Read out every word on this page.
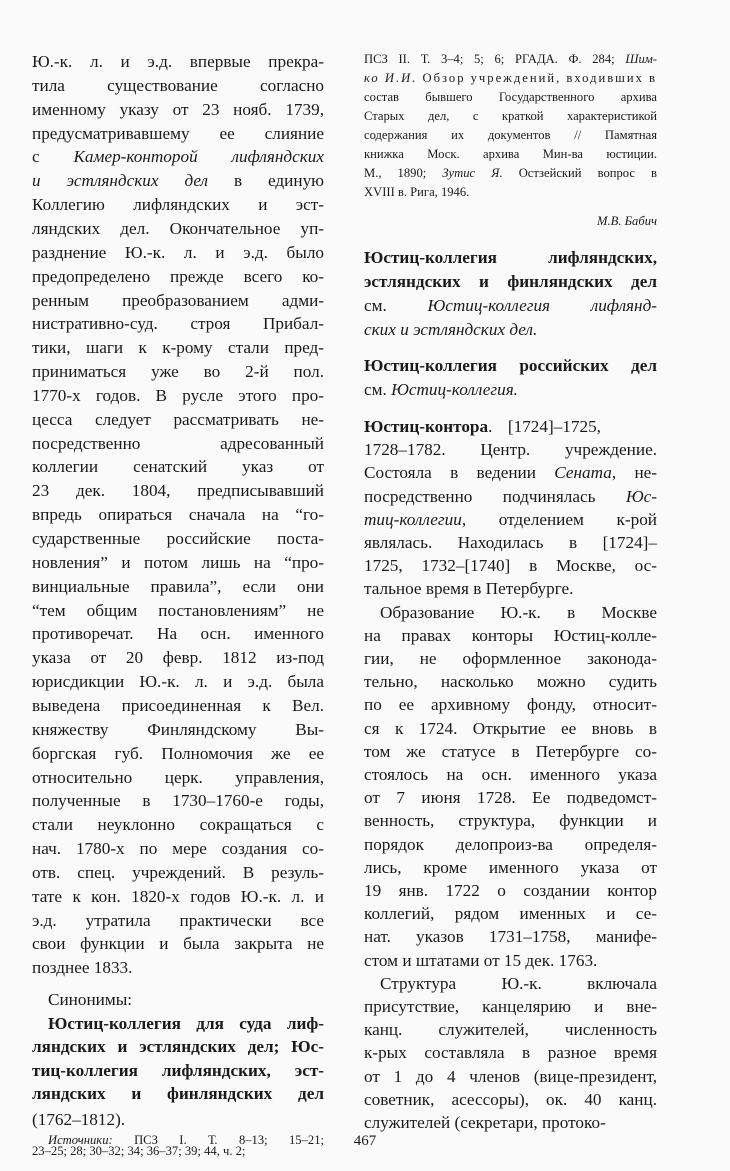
Ю.-к. л. и э.д. впервые прекра-
тила существование согласно
именному указу от 23 нояб. 1739,
предусматривавшему ее слияние
с Камер-конторой лифляндских
и эстляндских дел в единую
Коллегию лифляндских и эст-
ляндских дел. Окончательное уп-
разднение Ю.-к. л. и э.д. было
предопределено прежде всего ко-
ренным преобразованием адми-
нистративно-суд. строя Прибал-
тики, шаги к к-рому стали пред-
приниматься уже во 2-й пол.
1770-х годов. В русле этого про-
цесса следует рассматривать не-
посредственно адресованный
коллегии сенатский указ от
23 дек. 1804, предписывавший
впредь опираться сначала на “го-
сударственные российские поста-
новления” и потом лишь на “про-
винциальные правила”, если они
“тем общим постановлениям” не
противоречат. На осн. именного
указа от 20 февр. 1812 из-под
юрисдикции Ю.-к. л. и э.д. была
выведена присоединенная к Вел.
княжеству Финляндскому Вы-
боргская губ. Полномочия же ее
относительно церк. управления,
полученные в 1730–1760-е годы,
стали неуклонно сокращаться с
нач. 1780-х по мере создания со-
отв. спец. учреждений. В резуль-
тате к кон. 1820-х годов Ю.-к. л. и
э.д. утратила практически все
свои функции и была закрыта не
позднее 1833.
Синонимы:
Юстиц-коллегия для суда лиф-
ляндских и эстляндских дел; Юс-
тиц-коллегия лифляндских, эст-
ляндских и финляндских дел
(1762–1812).
Источники: ПСЗ I. Т. 8–13; 15–21;
23–25; 28; 30–32; 34; 36–37; 39; 44, ч. 2;
М.В. Бабич
ПСЗ II. Т. 3–4; 5; 6; РГАДА. Ф. 284; Шим-
ко И.И. Обзор учреждений, входивших в
состав бывшего Государственного архива
Старых дел, с краткой характеристикой
содержания их документов // Памятная
книжка Моск. архива Мин-ва юстиции.
М., 1890; Зутис Я. Остзейский вопрос в
XVIII в. Рига, 1946.
Юстиц-коллегия лифляндских,
эстляндских и финляндских дел
см. Юстиц-коллегия лифлянд-
ских и эстляндских дел.
Юстиц-коллегия российских дел
см. Юстиц-коллегия.
Юстиц-контора. [1724]–1725,
1728–1782. Центр. учреждение.
Состояла в ведении Сената, не-
посредственно подчинялась Юс-
тиц-коллегии, отделением к-рой
являлась. Находилась в [1724]–
1725, 1732–[1740] в Москве, ос-
тальное время в Петербурге.
Образование Ю.-к. в Москве
на правах конторы Юстиц-колле-
гии, не оформленное законода-
тельно, насколько можно судить
по ее архивному фонду, относит-
ся к 1724. Открытие ее вновь в
том же статусе в Петербурге со-
стоялось на осн. именного указа
от 7 июня 1728. Ее подведомст-
венность, структура, функции и
порядок делопроиз-ва определя-
лись, кроме именного указа от
19 янв. 1722 о создании контор
коллегий, рядом именных и се-
нат. указов 1731–1758, манифе-
стом и штатами от 15 дек. 1763.
Структура Ю.-к. включала
присутствие, канцелярию и вне-
канц. служителей, численность
к-рых составляла в разное время
от 1 до 4 членов (вице-президент,
советник, асессоры), ок. 40 канц.
служителей (секретари, протоко-
467
